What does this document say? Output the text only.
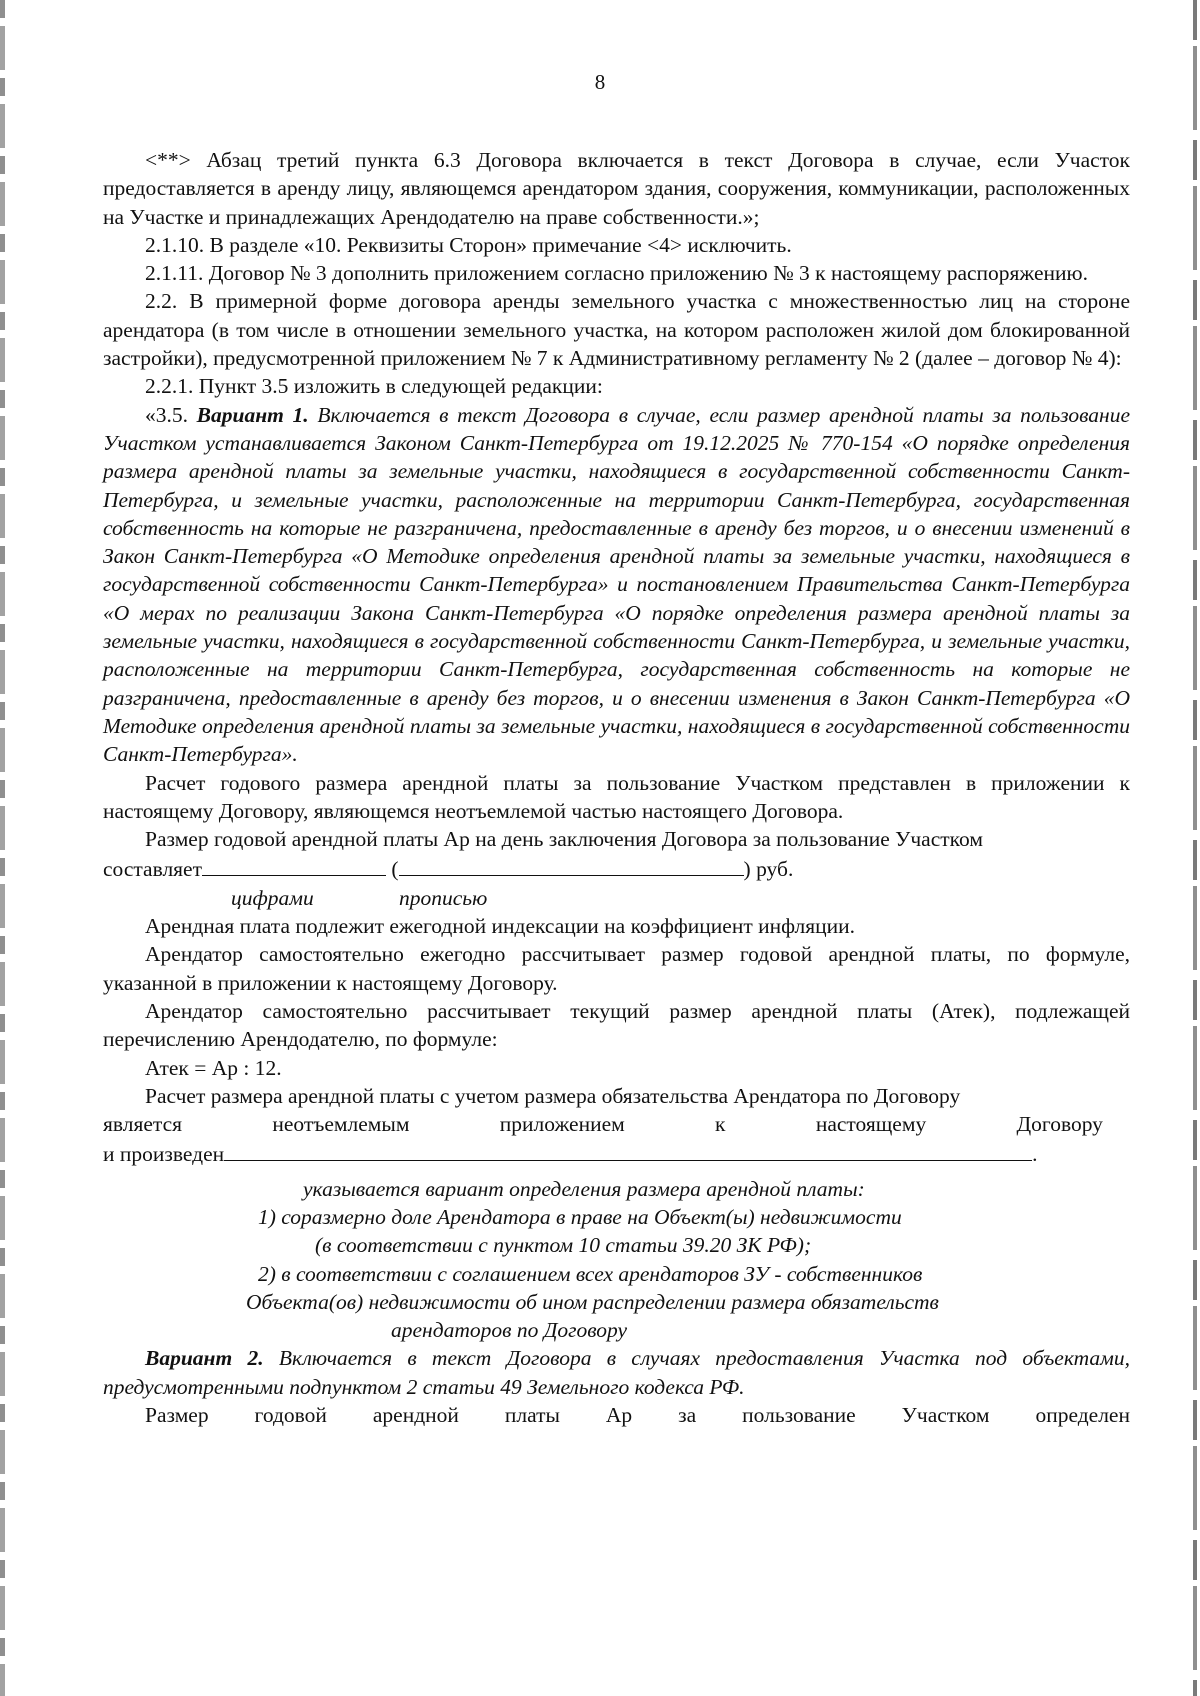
8

<**> Абзац третий пункта 6.3 Договора включается в текст Договора в случае, если Участок предоставляется в аренду лицу, являющемся арендатором здания, сооружения, коммуникации, расположенных на Участке и принадлежащих Арендодателю на праве собственности.»;

2.1.10. В разделе «10. Реквизиты Сторон» примечание <4> исключить.

2.1.11. Договор № 3 дополнить приложением согласно приложению № 3 к настоящему распоряжению.

2.2. В примерной форме договора аренды земельного участка с множественностью лиц на стороне арендатора (в том числе в отношении земельного участка, на котором расположен жилой дом блокированной застройки), предусмотренной приложением № 7 к Административному регламенту № 2 (далее – договор № 4):

2.2.1. Пункт 3.5 изложить в следующей редакции:

«3.5. Вариант 1. Включается в текст Договора в случае, если размер арендной платы за пользование Участком устанавливается Законом Санкт-Петербурга от 19.12.2025 № 770-154 «О порядке определения размера арендной платы за земельные участки, находящиеся в государственной собственности Санкт-Петербурга, и земельные участки, расположенные на территории Санкт-Петербурга, государственная собственность на которые не разграничена, предоставленные в аренду без торгов, и о внесении изменений в Закон Санкт-Петербурга «О Методике определения арендной платы за земельные участки, находящиеся в государственной собственности Санкт-Петербурга» и постановлением Правительства Санкт-Петербурга «О мерах по реализации Закона Санкт-Петербурга «О порядке определения размера арендной платы за земельные участки, находящиеся в государственной собственности Санкт-Петербурга, и земельные участки, расположенные на территории Санкт-Петербурга, государственная собственность на которые не разграничена, предоставленные в аренду без торгов, и о внесении изменения в Закон Санкт-Петербурга «О Методике определения арендной платы за земельные участки, находящиеся в государственной собственности Санкт-Петербурга».

Расчет годового размера арендной платы за пользование Участком представлен в приложении к настоящему Договору, являющемся неотъемлемой частью настоящего Договора.

Размер годовой арендной платы Ар на день заключения Договора за пользование Участком

составляет	(	) руб.

цифрами	прописью

Арендная плата подлежит ежегодной индексации на коэффициент инфляции.

Арендатор самостоятельно ежегодно рассчитывает размер годовой арендной платы, по формуле, указанной в приложении к настоящему Договору.

Арендатор самостоятельно рассчитывает текущий размер арендной платы (Атек), подлежащей перечислению Арендодателю, по формуле:

Атек = Ар : 12.

Расчет размера арендной платы с учетом размера обязательства Арендатора по Договору

является	неотъемлемым	приложением	к	настоящему	Договору

и произведен	.

указывается вариант определения размера арендной платы:

1) соразмерно доле Арендатора в праве на Объект(ы) недвижимости

(в соответствии с пунктом 10 статьи 39.20 ЗК РФ);

2) в соответствии с соглашением всех арендаторов ЗУ - собственников

Объекта(ов) недвижимости об ином распределении размера обязательств

арендаторов по Договору

Вариант 2. Включается в текст Договора в случаях предоставления Участка под объектами, предусмотренными подпунктом 2 статьи 49 Земельного кодекса РФ.

Размер годовой арендной платы Ар за пользование Участком определен
